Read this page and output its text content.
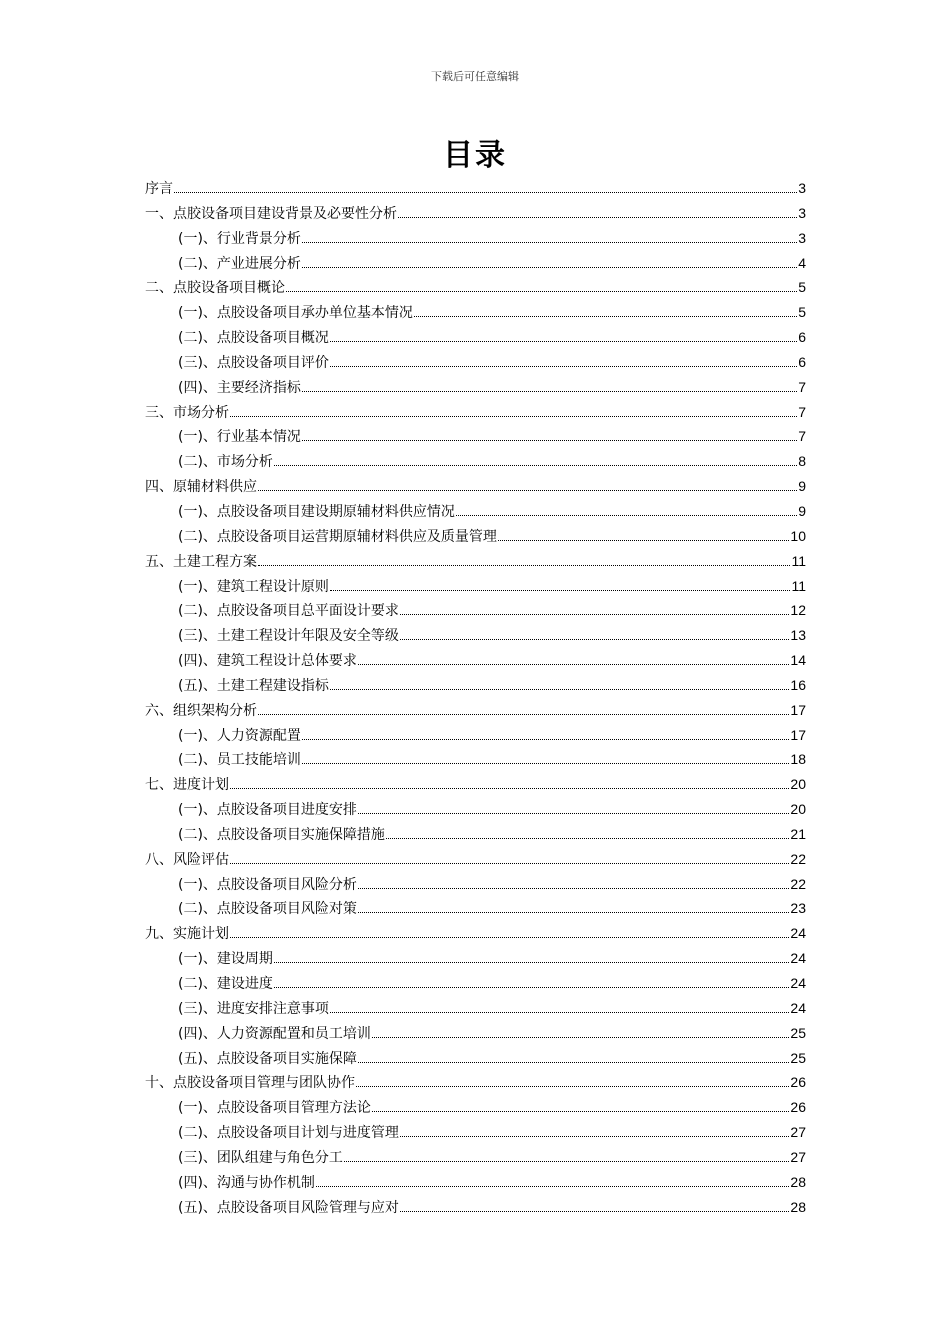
下载后可任意编辑
目录
序言	3
一、点胶设备项目建设背景及必要性分析	3
(一)、行业背景分析	3
(二)、产业进展分析	4
二、点胶设备项目概论	5
(一)、点胶设备项目承办单位基本情况	5
(二)、点胶设备项目概况	6
(三)、点胶设备项目评价	6
(四)、主要经济指标	7
三、市场分析	7
(一)、行业基本情况	7
(二)、市场分析	8
四、原辅材料供应	9
(一)、点胶设备项目建设期原辅材料供应情况	9
(二)、点胶设备项目运营期原辅材料供应及质量管理	10
五、土建工程方案	11
(一)、建筑工程设计原则	11
(二)、点胶设备项目总平面设计要求	12
(三)、土建工程设计年限及安全等级	13
(四)、建筑工程设计总体要求	14
(五)、土建工程建设指标	16
六、组织架构分析	17
(一)、人力资源配置	17
(二)、员工技能培训	18
七、进度计划	20
(一)、点胶设备项目进度安排	20
(二)、点胶设备项目实施保障措施	21
八、风险评估	22
(一)、点胶设备项目风险分析	22
(二)、点胶设备项目风险对策	23
九、实施计划	24
(一)、建设周期	24
(二)、建设进度	24
(三)、进度安排注意事项	24
(四)、人力资源配置和员工培训	25
(五)、点胶设备项目实施保障	25
十、点胶设备项目管理与团队协作	26
(一)、点胶设备项目管理方法论	26
(二)、点胶设备项目计划与进度管理	27
(三)、团队组建与角色分工	27
(四)、沟通与协作机制	28
(五)、点胶设备项目风险管理与应对	28
